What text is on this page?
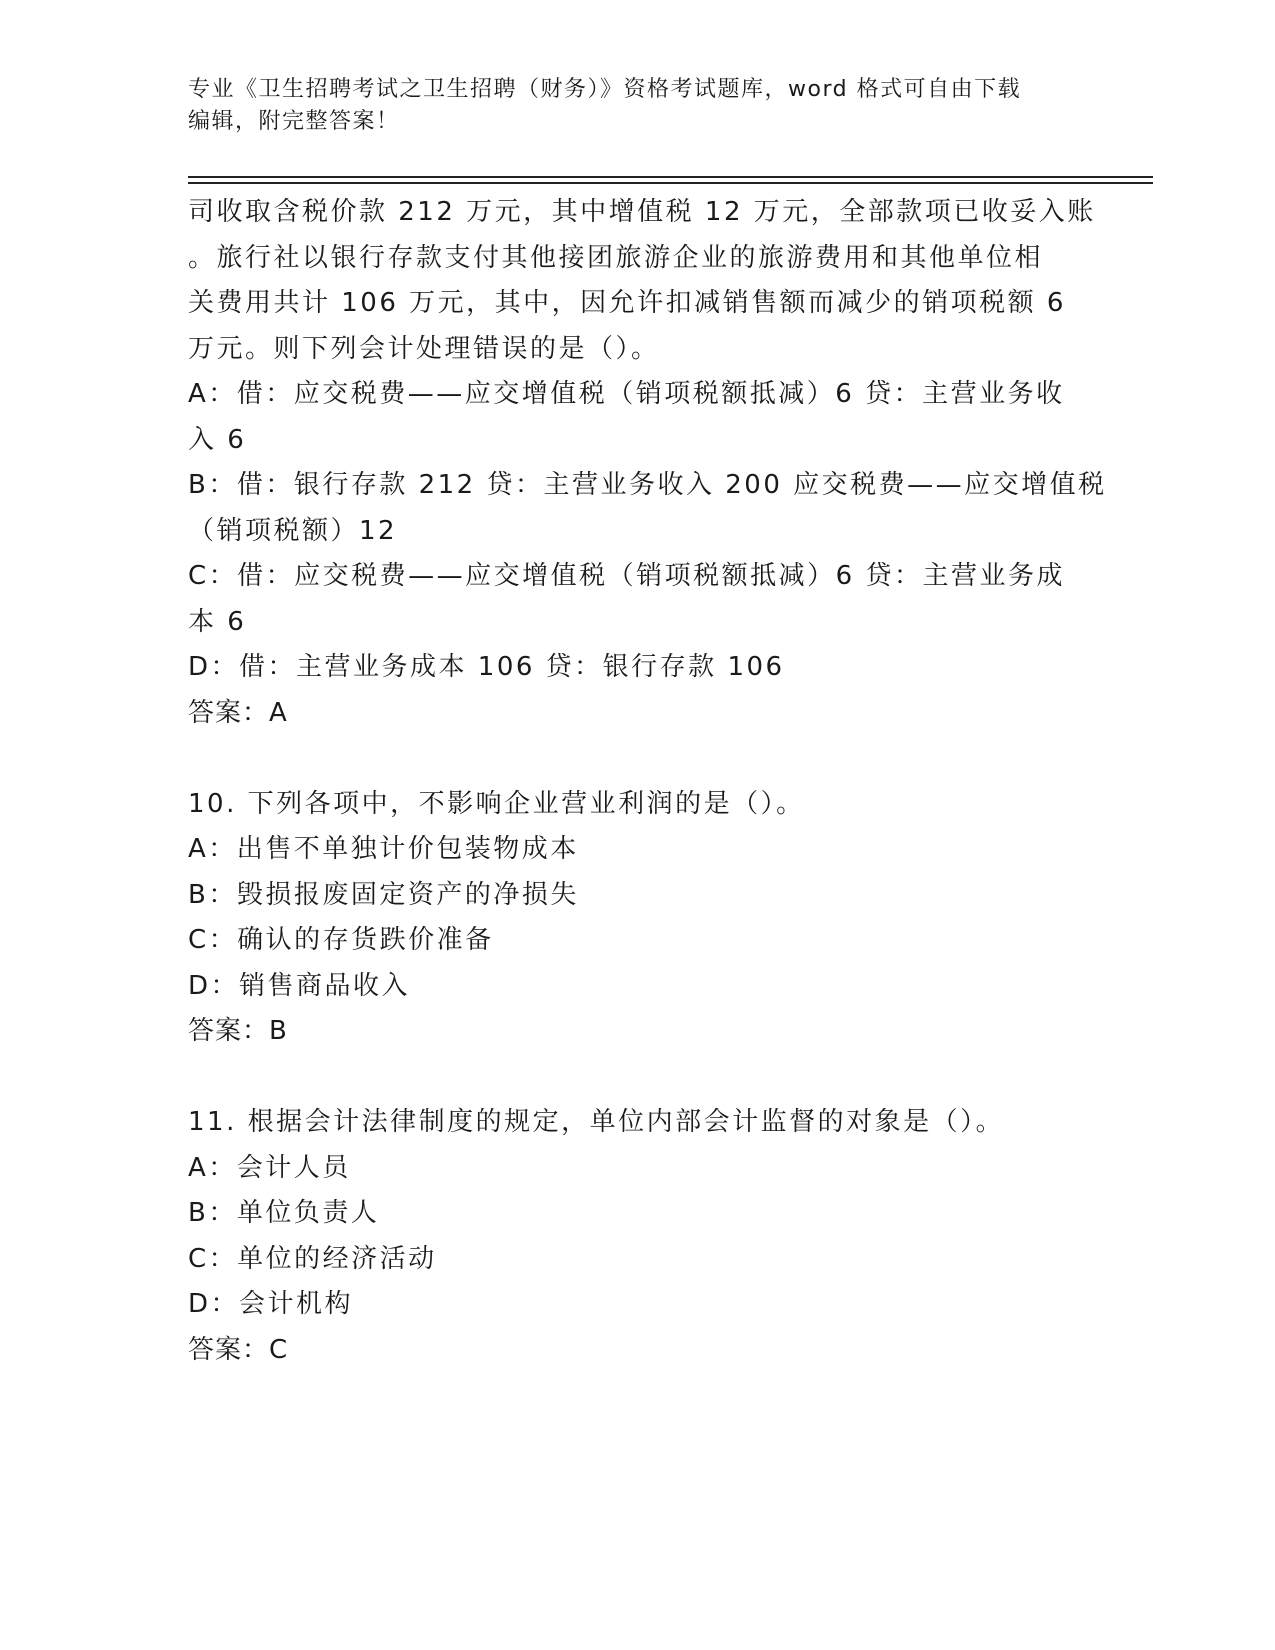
专业《卫生招聘考试之卫生招聘（财务）》资格考试题库，word 格式可自由下载
编辑，附完整答案！
司收取含税价款 212 万元，其中增值税 12 万元，全部款项已收妥入账
。旅行社以银行存款支付其他接团旅游企业的旅游费用和其他单位相
关费用共计 106 万元，其中，因允许扣减销售额而减少的销项税额 6
万元。则下列会计处理错误的是（）。
A：借：应交税费——应交增值税（销项税额抵减）6 贷：主营业务收
入 6
B：借：银行存款 212 贷：主营业务收入 200 应交税费——应交增值税
（销项税额）12
C：借：应交税费——应交增值税（销项税额抵减）6 贷：主营业务成
本 6
D：借：主营业务成本 106 贷：银行存款 106
答案：A
10. 下列各项中，不影响企业营业利润的是（）。
A：出售不单独计价包装物成本
B：毁损报废固定资产的净损失
C：确认的存货跌价准备
D：销售商品收入
答案：B
11. 根据会计法律制度的规定，单位内部会计监督的对象是（）。
A：会计人员
B：单位负责人
C：单位的经济活动
D：会计机构
答案：C
